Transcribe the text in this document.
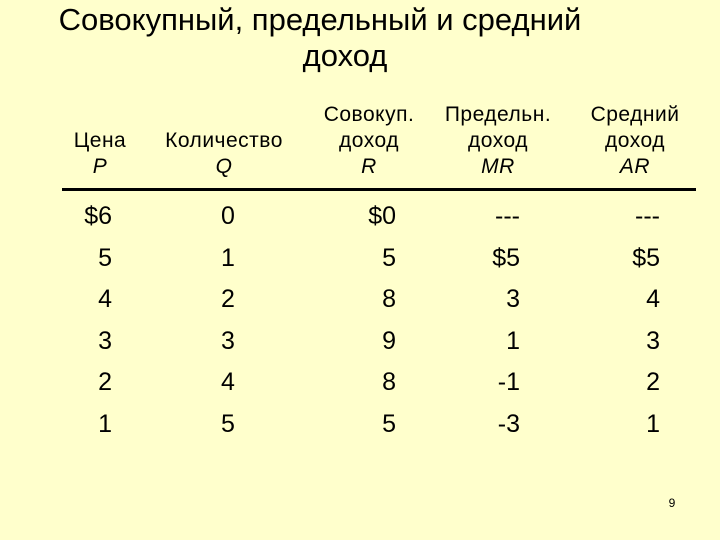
Совокупный, предельный и средний
доход
Цена
P
Количество
Q
Совокуп.
доход
R
Предельн.
доход
MR
Средний
доход
AR
$6
5
4
3
2
1
0
1
2
3
4
5
$0
5
8
9
8
5
---
$5
3
1
-1
-3
---
$5
4
3
2
1
9
